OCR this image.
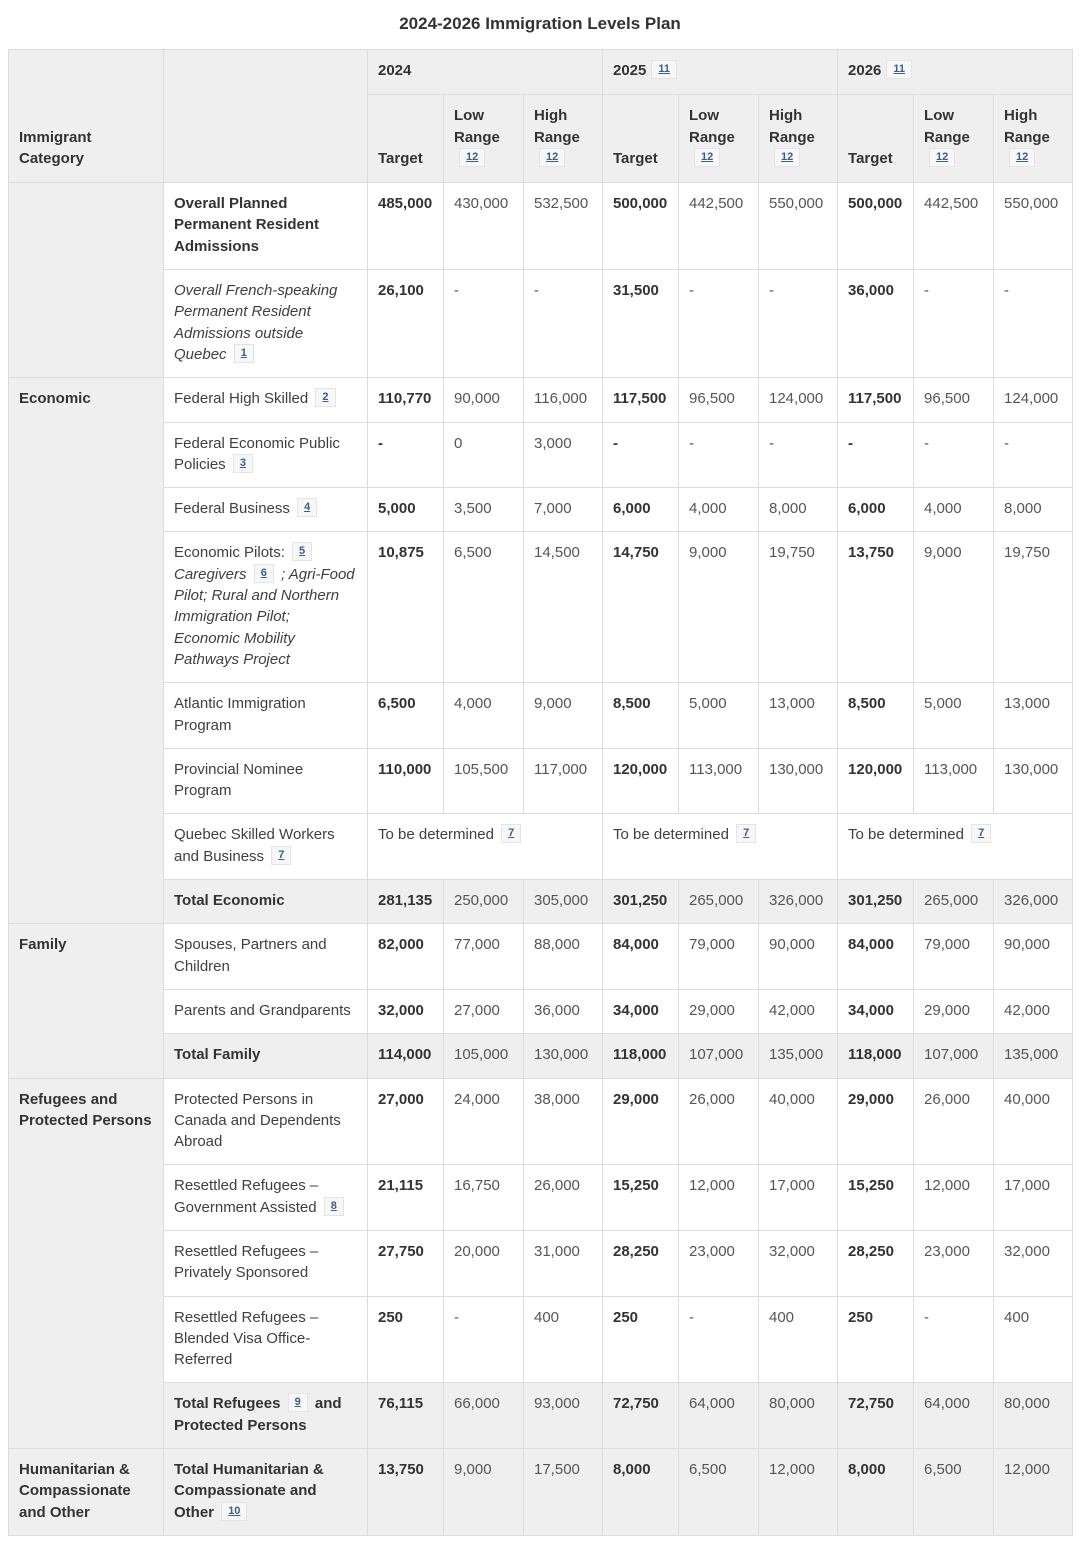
2024-2026 Immigration Levels Plan
Immigrant Category		2024			2025 11			2026 11		
		Target	Low Range 12	High Range 12	Target	Low Range 12	High Range 12	Target	Low Range 12	High Range 12
	Overall Planned Permanent Resident Admissions	485,000	430,000	532,500	500,000	442,500	550,000	500,000	442,500	550,000
	Overall French-speaking Permanent Resident Admissions outside Quebec 1	26,100	-	-	31,500	-	-	36,000	-	-
Economic	Federal High Skilled 2	110,770	90,000	116,000	117,500	96,500	124,000	117,500	96,500	124,000
	Federal Economic Public Policies 3	-	0	3,000	-	-	-	-	-	-
	Federal Business 4	5,000	3,500	7,000	6,000	4,000	8,000	6,000	4,000	8,000
	Economic Pilots: 5Caregivers 6 ; Agri-Food Pilot; Rural and Northern Immigration Pilot; Economic Mobility Pathways Project	10,875	6,500	14,500	14,750	9,000	19,750	13,750	9,000	19,750
	Atlantic Immigration Program	6,500	4,000	9,000	8,500	5,000	13,000	8,500	5,000	13,000
	Provincial Nominee Program	110,000	105,500	117,000	120,000	113,000	130,000	120,000	113,000	130,000
	Quebec Skilled Workers and Business 7	To be determined 7			To be determined 7			To be determined 7		
	Total Economic	281,135	250,000	305,000	301,250	265,000	326,000	301,250	265,000	326,000
Family	Spouses, Partners and Children	82,000	77,000	88,000	84,000	79,000	90,000	84,000	79,000	90,000
	Parents and Grandparents	32,000	27,000	36,000	34,000	29,000	42,000	34,000	29,000	42,000
	Total Family	114,000	105,000	130,000	118,000	107,000	135,000	118,000	107,000	135,000
Refugees and Protected Persons	Protected Persons in Canada and Dependents Abroad	27,000	24,000	38,000	29,000	26,000	40,000	29,000	26,000	40,000
	Resettled Refugees – Government Assisted 8	21,115	16,750	26,000	15,250	12,000	17,000	15,250	12,000	17,000
	Resettled Refugees – Privately Sponsored	27,750	20,000	31,000	28,250	23,000	32,000	28,250	23,000	32,000
	Resettled Refugees – Blended Visa Office-Referred	250	-	400	250	-	400	250	-	400
	Total Refugees 9 and Protected Persons	76,115	66,000	93,000	72,750	64,000	80,000	72,750	64,000	80,000
Humanitarian & Compassionate and Other	Total Humanitarian & Compassionate and Other 10	13,750	9,000	17,500	8,000	6,500	12,000	8,000	6,500	12,000
